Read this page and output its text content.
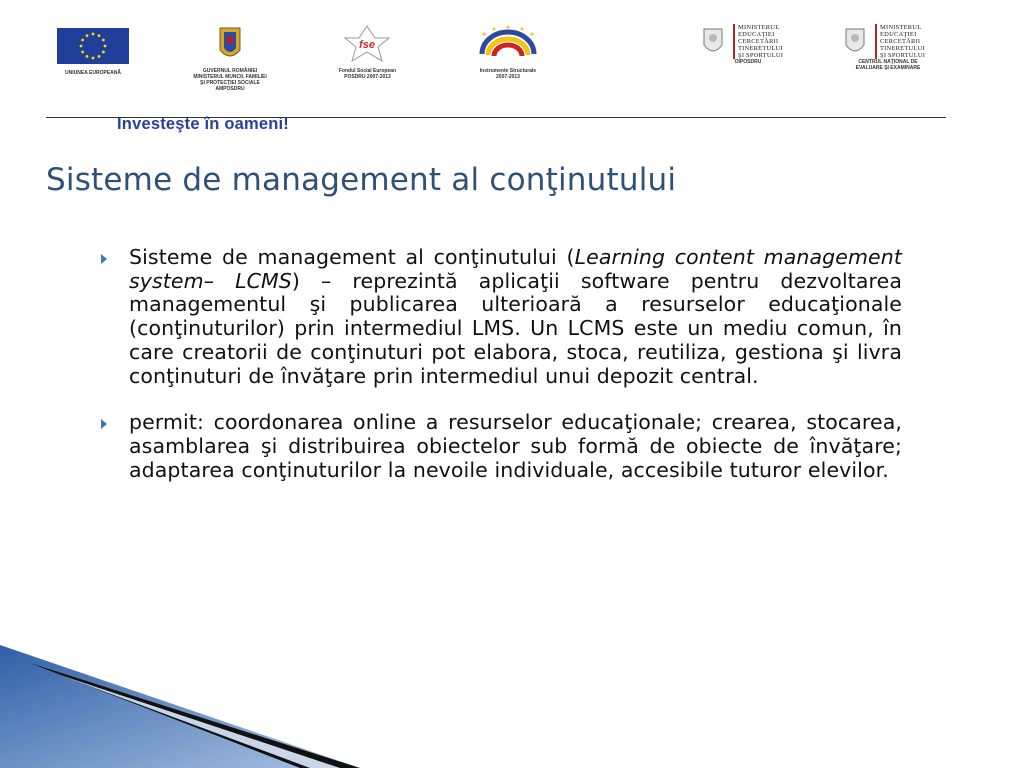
UNIUNEA EUROPEANĂ	GUVERNUL ROMÂNIEI
MINISTERUL MUNCII, FAMILIEI
ŞI PROTECŢIEI SOCIALE
AMPOSDRU
fse
Fondul Social European
POSDRU 2007-2013
Instrumente Structurale
2007-2013
MINISTERUL
EDUCAŢIEI
CERCETĂRII
TINERETULUI
ŞI SPORTULUI
OIPOSDRU
MINISTERUL
EDUCAŢIEI
CERCETĂRII
TINERETULUI
ŞI SPORTULUI
CENTRUL NAŢIONAL DE
EVALUARE ŞI EXAMINARE
Investeşte în oameni!
Sisteme de management al conţinutului
Sisteme de management al conţinutului (Learning content management system– LCMS) – reprezintă aplicaţii software pentru dezvoltarea managementul şi publicarea ulterioară a resurselor educaţionale (conţinuturilor) prin intermediul LMS. Un LCMS este un mediu comun, în care creatorii de conţinuturi pot elabora, stoca, reutiliza, gestiona şi livra conţinuturi de învăţare prin intermediul unui depozit central.
permit: coordonarea online a resurselor educaţionale; crearea, stocarea, asamblarea şi distribuirea obiectelor sub formă de obiecte de învăţare; adaptarea conţinuturilor la nevoile individuale, accesibile tuturor elevilor.
